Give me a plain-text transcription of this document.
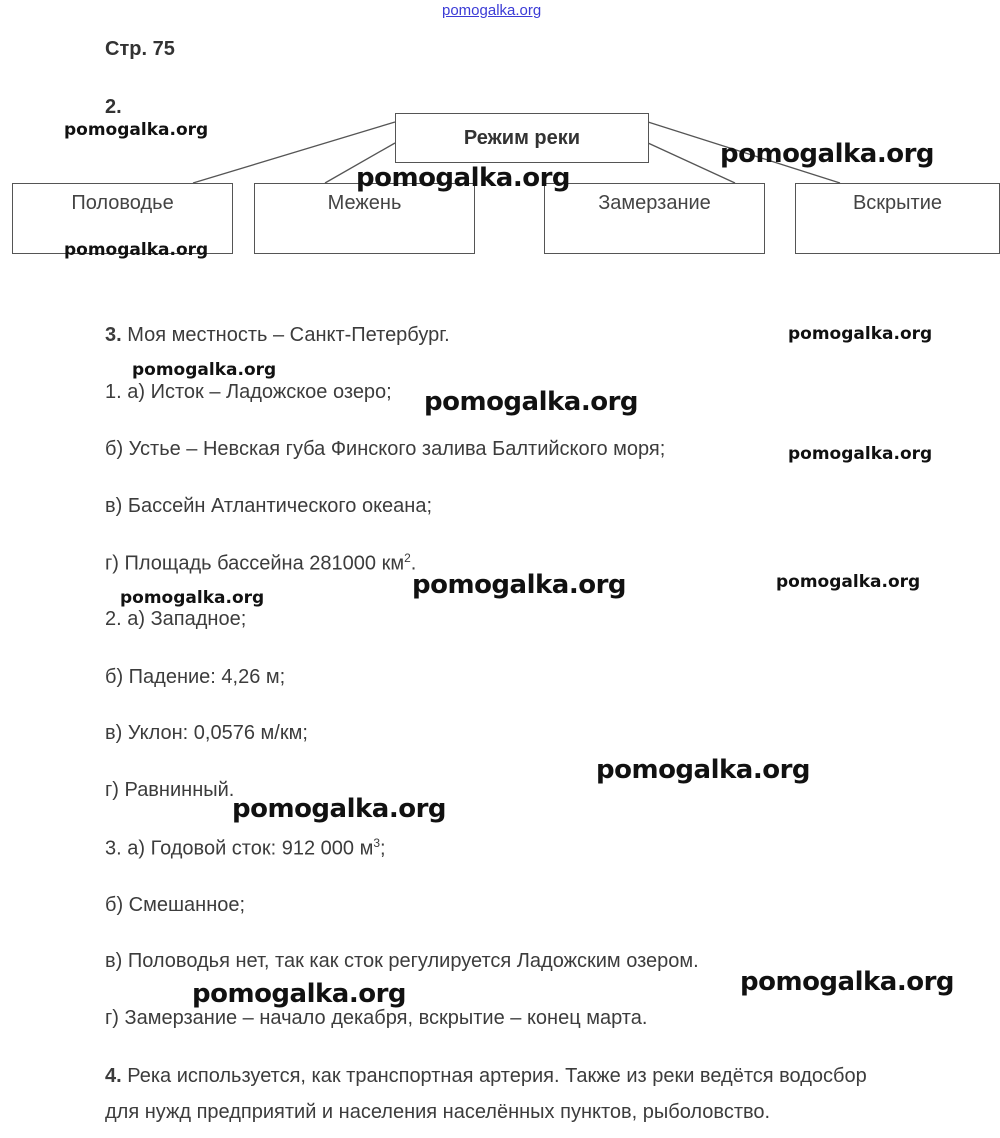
pomogalka.org
Стр. 75
2.
Режим реки
Половодье	Межень	Замерзание	Вскрытие
3. Моя местность – Санкт-Петербург.
1. а) Исток – Ладожское озеро;
б) Устье – Невская губа Финского залива Балтийского моря;
в) Бассейн Атлантического океана;
г) Площадь бассейна 281000 $км^2$.
2. а) Западное;
б) Падение: 4,26 м;
в) Уклон: 0,0576 м/км;
г) Равнинный.
3. а) Годовой сток: 912 000 $м^3$;
б) Смешанное;
в) Половодья нет, так как сток регулируется Ладожским озером.
г) Замерзание – начало декабря, вскрытие – конец марта.
4. Река используется, как транспортная артерия. Также из реки ведётся водосбор
для нужд предприятий и населения населённых пунктов, рыболовство.
pomogalka.org
pomogalka.org
pomogalka.org
pomogalka.org
pomogalka.org
pomogalka.org
pomogalka.org
pomogalka.org
pomogalka.org	pomogalka.org
pomogalka.org
pomogalka.org
pomogalka.org
pomogalka.org
pomogalka.org
